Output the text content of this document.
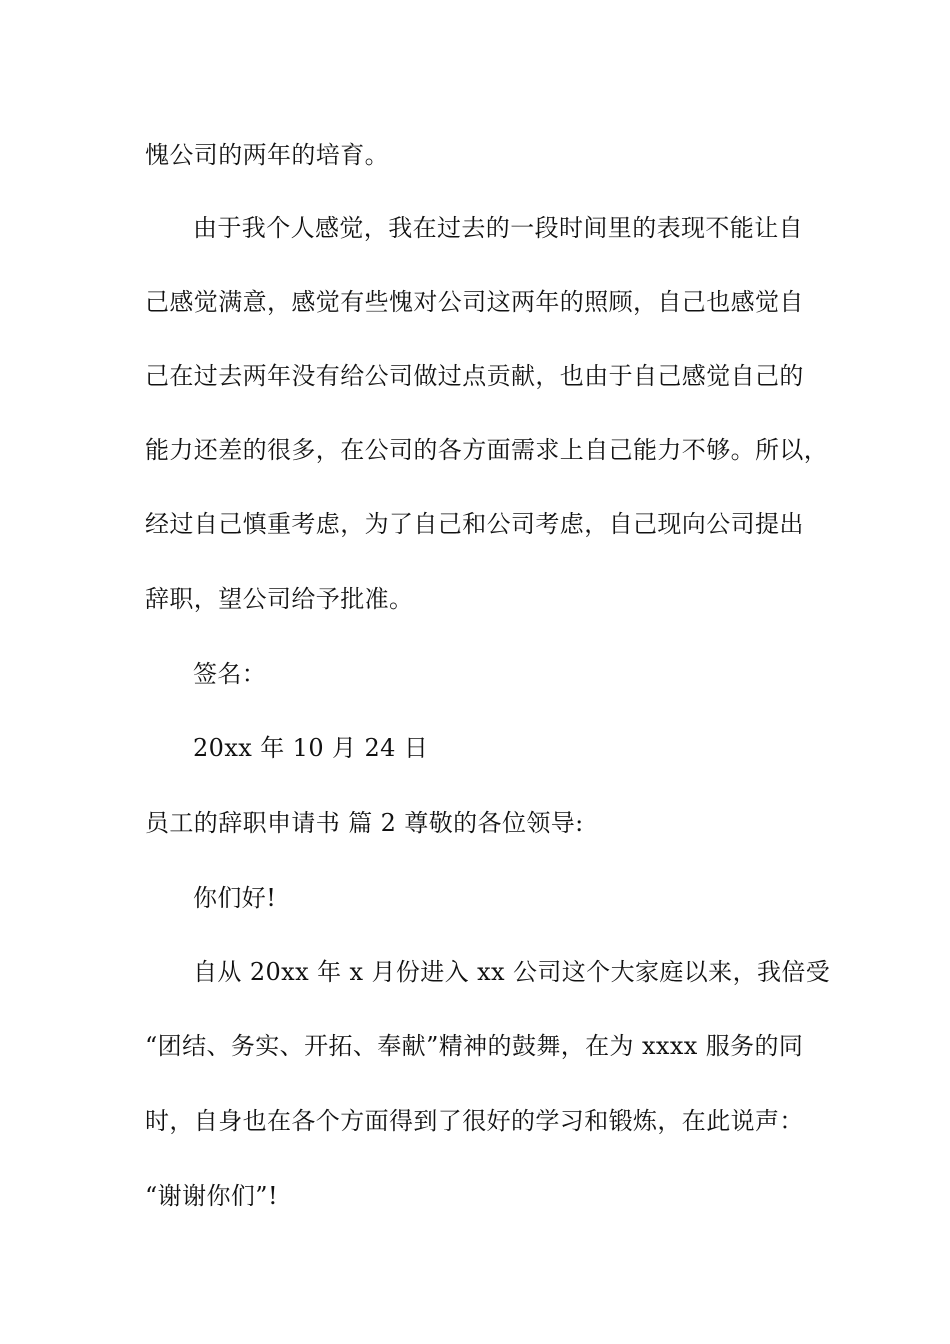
愧公司的两年的培育。

由于我个人感觉，我在过去的一段时间里的表现不能让自

己感觉满意，感觉有些愧对公司这两年的照顾，自己也感觉自

己在过去两年没有给公司做过点贡献，也由于自己感觉自己的

能力还差的很多，在公司的各方面需求上自己能力不够。所以，

经过自己慎重考虑，为了自己和公司考虑，自己现向公司提出

辞职，望公司给予批准。

签名：

20xx 年 10 月 24 日

员工的辞职申请书 篇 2 尊敬的各位领导:

你们好!

自从 20xx 年 x 月份进入 xx 公司这个大家庭以来，我倍受

“团结、务实、开拓、奉献”精神的鼓舞，在为 xxxx 服务的同

时，自身也在各个方面得到了很好的学习和锻炼，在此说声：

“谢谢你们”!
